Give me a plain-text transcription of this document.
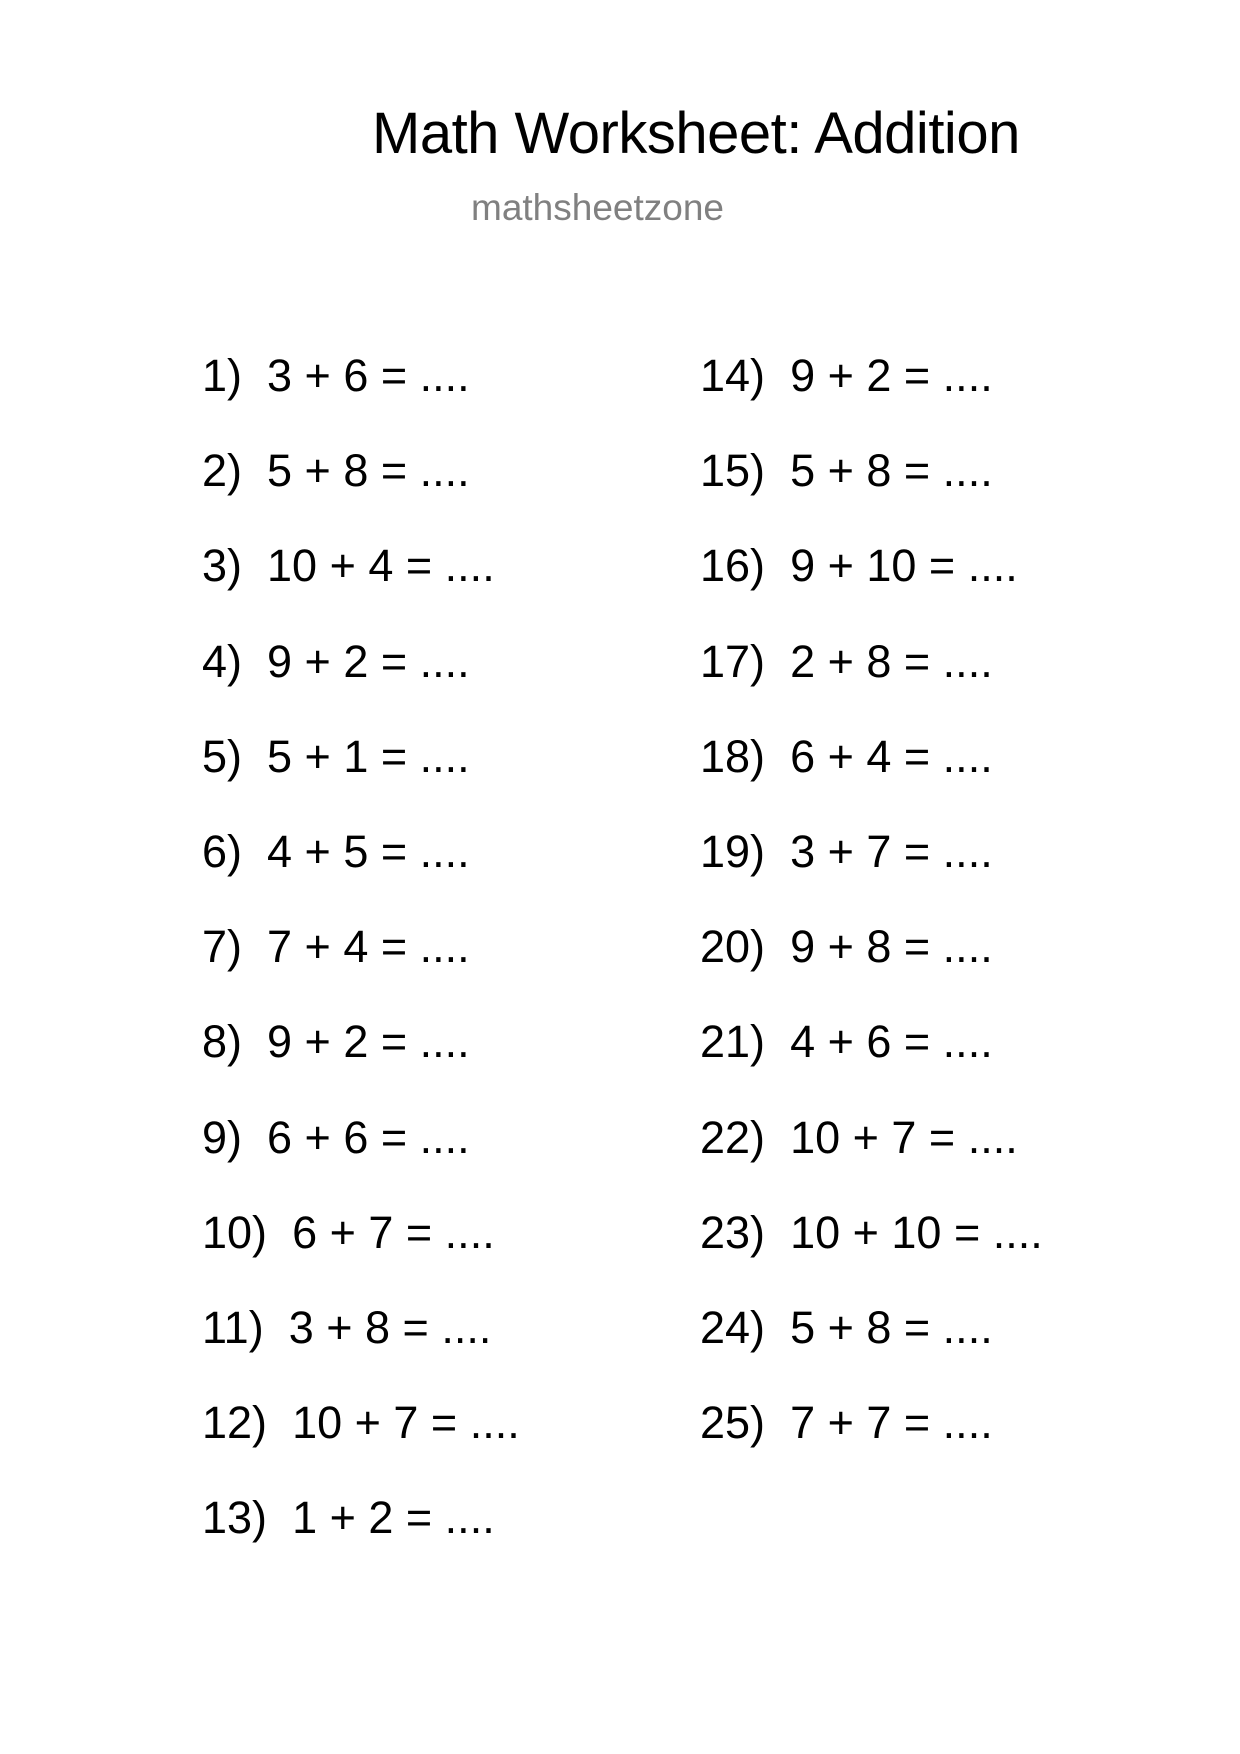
Math Worksheet: Addition
mathsheetzone
1)
3 + 6 = ....
2)
5 + 8 = ....
3)
10 + 4 = ....
4)
9 + 2 = ....
5)
5 + 1 = ....
6)
4 + 5 = ....
7)
7 + 4 = ....
8)
9 + 2 = ....
9)
6 + 6 = ....
10)
6 + 7 = ....
11)
3 + 8 = ....
12)
10 + 7 = ....
13)
1 + 2 = ....
14)
9 + 2 = ....
15)
5 + 8 = ....
16)
9 + 10 = ....
17)
2 + 8 = ....
18)
6 + 4 = ....
19)
3 + 7 = ....
20)
9 + 8 = ....
21)
4 + 6 = ....
22)
10 + 7 = ....
23)
10 + 10 = ....
24)
5 + 8 = ....
25)
7 + 7 = ....
